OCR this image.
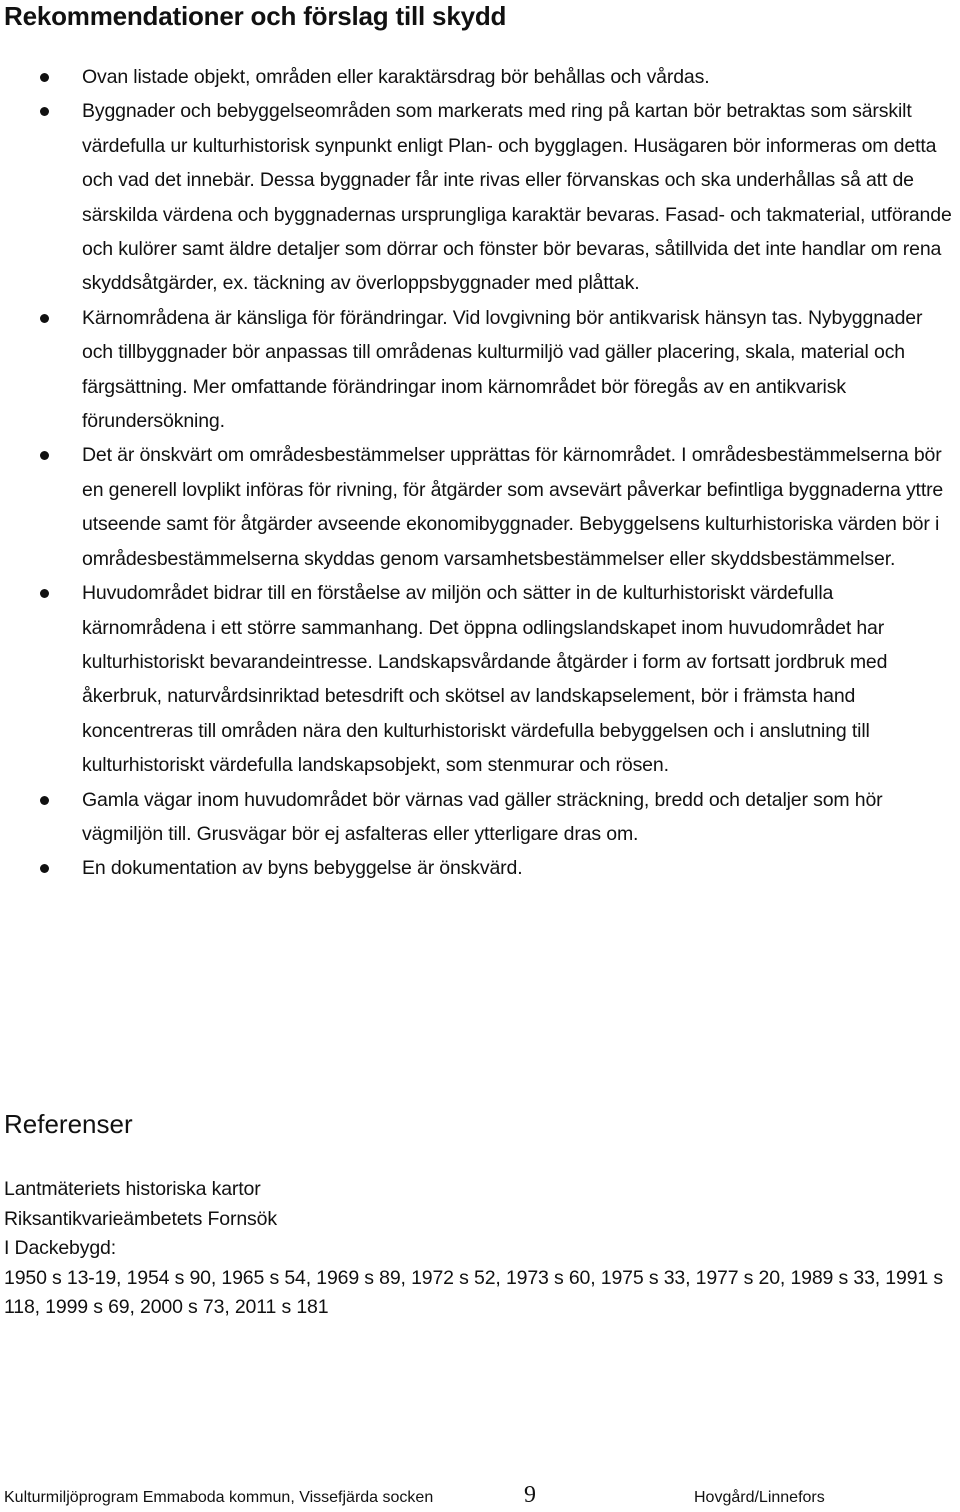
Rekommendationer och förslag till skydd
Ovan listade objekt, områden eller karaktärsdrag bör behållas och vårdas.
Byggnader och bebyggelseområden som markerats med ring på kartan bör betraktas som särskilt värdefulla ur kulturhistorisk synpunkt enligt Plan- och bygglagen. Husägaren bör informeras om detta och vad det innebär. Dessa byggnader får inte rivas eller förvanskas och ska underhållas så att de särskilda värdena och byggnadernas ursprungliga karaktär bevaras. Fasad- och takmaterial, utförande och kulörer samt äldre detaljer som dörrar och fönster bör bevaras, såtillvida det inte handlar om rena skyddsåtgärder, ex. täckning av överloppsbyggnader med plåttak.
Kärnområdena är känsliga för förändringar. Vid lovgivning bör antikvarisk hänsyn tas. Nybyggnader och tillbyggnader bör anpassas till områdenas kulturmiljö vad gäller placering, skala, material och färgsättning. Mer omfattande förändringar inom kärnområdet bör föregås av en antikvarisk förundersökning.
Det är önskvärt om områdesbestämmelser upprättas för kärnområdet. I områdesbestämmelserna bör en generell lovplikt införas för rivning, för åtgärder som avsevärt påverkar befintliga byggnaderna yttre utseende samt för åtgärder avseende ekonomibyggnader. Bebyggelsens kulturhistoriska värden bör i områdesbestämmelserna skyddas genom varsamhetsbestämmelser eller skyddsbestämmelser.
Huvudområdet bidrar till en förståelse av miljön och sätter in de kulturhistoriskt värdefulla kärnområdena i ett större sammanhang. Det öppna odlingslandskapet inom huvudområdet har kulturhistoriskt bevarandeintresse. Landskapsvårdande åtgärder i form av fortsatt jordbruk med åkerbruk, naturvårdsinriktad betesdrift och skötsel av landskapselement, bör i främsta hand koncentreras till områden nära den kulturhistoriskt värdefulla bebyggelsen och i anslutning till kulturhistoriskt värdefulla landskapsobjekt, som stenmurar och rösen.
Gamla vägar inom huvudområdet bör värnas vad gäller sträckning, bredd och detaljer som hör vägmiljön till. Grusvägar bör ej asfalteras eller ytterligare dras om.
En dokumentation av byns bebyggelse är önskvärd.
Referenser
Lantmäteriets historiska kartor
Riksantikvarieämbetets Fornsök
I Dackebygd:
1950 s 13-19, 1954 s 90, 1965 s 54, 1969 s 89, 1972 s 52, 1973 s 60, 1975 s 33, 1977 s 20, 1989 s 33, 1991 s 118, 1999 s 69, 2000 s 73, 2011 s 181
Kulturmiljöprogram Emmaboda kommun, Vissefjärda socken	9	Hovgård/Linnefors
